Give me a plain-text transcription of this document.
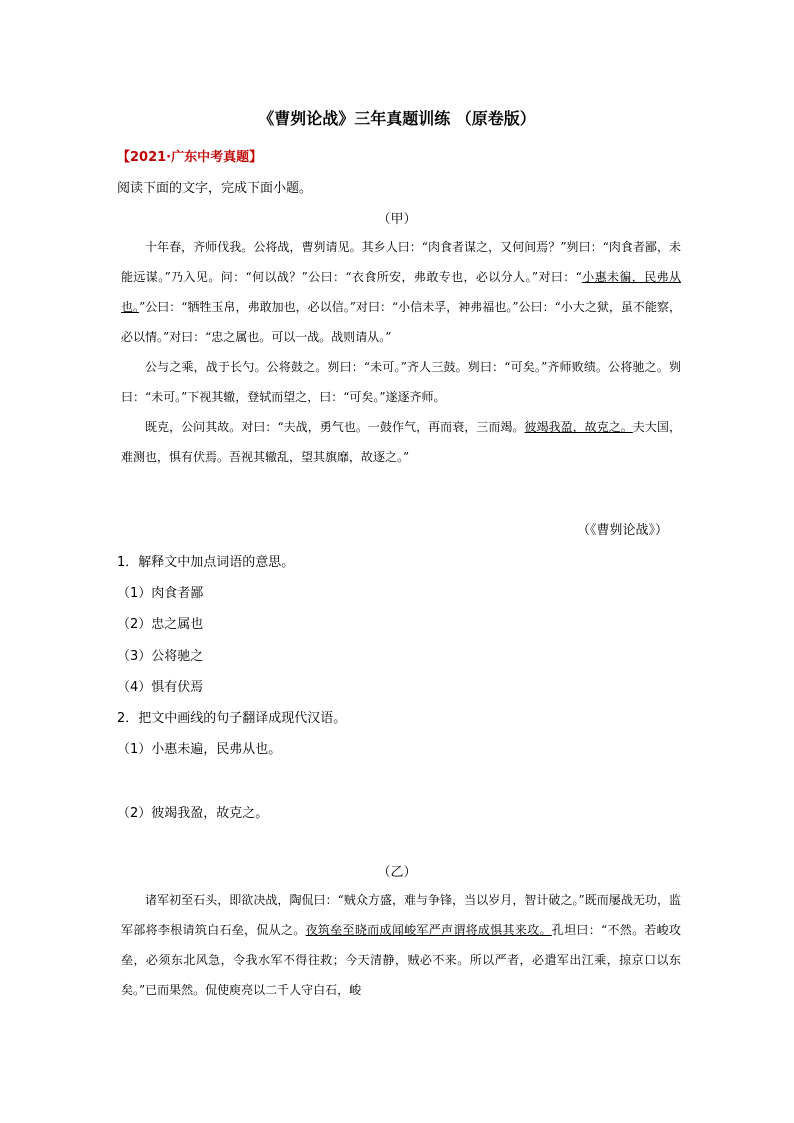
《曹刿论战》三年真题训练 （原卷版）
【2021·广东中考真题】
阅读下面的文字，完成下面小题。
（甲）

十年春，齐师伐我。公将战，曹刿请见。其乡人曰：“肉食者谋之，又何间焉？”刿曰：“肉食者鄙，未能远谋。”乃入见。问：“何以战？”公曰：“衣食所安，弗敢专也，必以分人。”对曰：“小惠未徧，民弗从也。”公曰：“牺牲玉帛，弗敢加也，必以信。”对曰：“小信未孚，神弗福也。”公曰：“小大之狱，虽不能察，必以情。”对曰：“忠之属也。可以一战。战则请从。”

公与之乘，战于长勺。公将鼓之。刿曰：“未可。”齐人三鼓。刿曰：“可矣。”齐师败绩。公将驰之。刿曰：“未可。”下视其辙，登轼而望之，曰：“可矣。”遂逐齐师。

既克，公问其故。对曰：“夫战，勇气也。一鼓作气，再而衰，三而竭。彼竭我盈，故克之。夫大国，难测也，惧有伏焉。吾视其辙乱，望其旗靡，故逐之。”

（《曹刿论战》）
1．解释文中加点词语的意思。
（1）肉食者鄙
（2）忠之属也
（3）公将驰之
（4）惧有伏焉
2．把文中画线的句子翻译成现代汉语。
（1）小惠未遍，民弗从也。
（2）彼竭我盈，故克之。
（乙）

诸军初至石头，即欲决战，陶侃曰：“贼众方盛，难与争锋，当以岁月，智计破之。”既而屡战无功，监军部将李根请筑白石垒，侃从之。夜筑垒至晓而成闻峻军严声谓将成惧其来攻。孔坦曰：“不然。若峻攻垒，必须东北风急，令我水军不得往救；今天清静，贼必不来。所以严者，必遣军出江乘，掠京口以东矣。”已而果然。侃使庾亮以二千人守白石，峻
